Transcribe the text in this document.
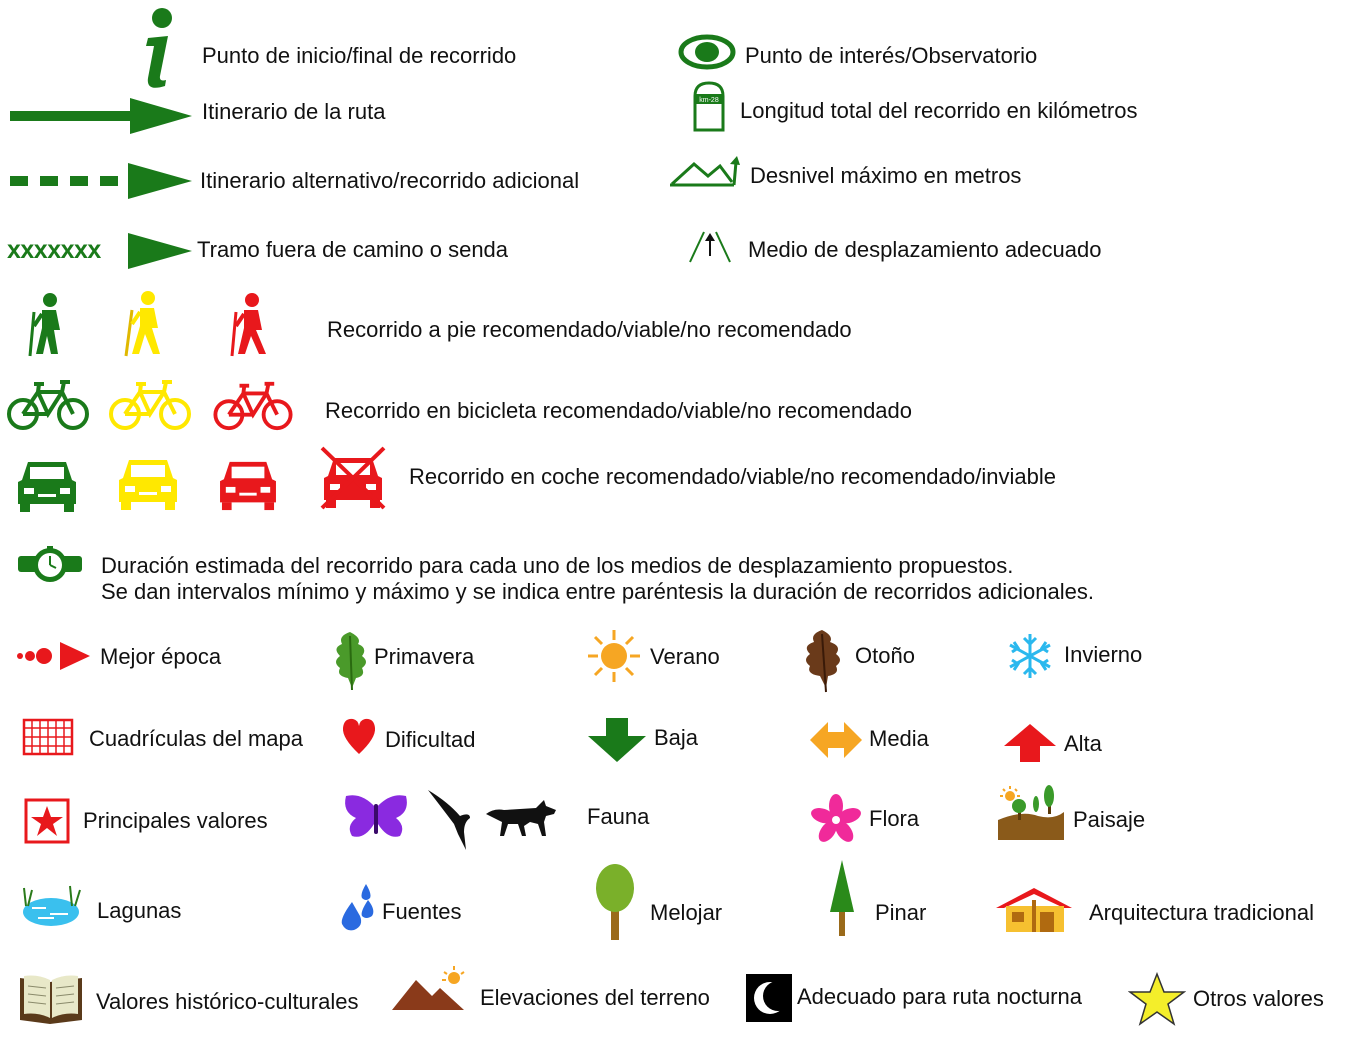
Punto de inicio/final de recorrido	Punto de interés/Observatorio
Itinerario de la ruta	km-28 Longitud total del recorrido en kilómetros
Itinerario alternativo/recorrido adicional	Desnivel máximo en metros
xxxxxxx	Tramo fuera de camino o senda	Medio de desplazamiento adecuado
Recorrido a pie recomendado/viable/no recomendado
Recorrido en bicicleta recomendado/viable/no recomendado
Recorrido en coche recomendado/viable/no recomendado/inviable
Duración estimada del recorrido para cada uno de los medios de desplazamiento propuestos.
Se dan intervalos mínimo y máximo y se indica entre paréntesis la duración de recorridos adicionales.
Mejor época	Primavera	Verano	Otoño	Invierno
Cuadrículas del mapa	Dificultad	Baja	Media	Alta
Principales valores	Fauna	Flora	Paisaje
Lagunas	Fuentes	Melojar	Pinar	Arquitectura tradicional
Valores histórico-culturales	Elevaciones del terreno	Adecuado para ruta nocturna	Otros valores
